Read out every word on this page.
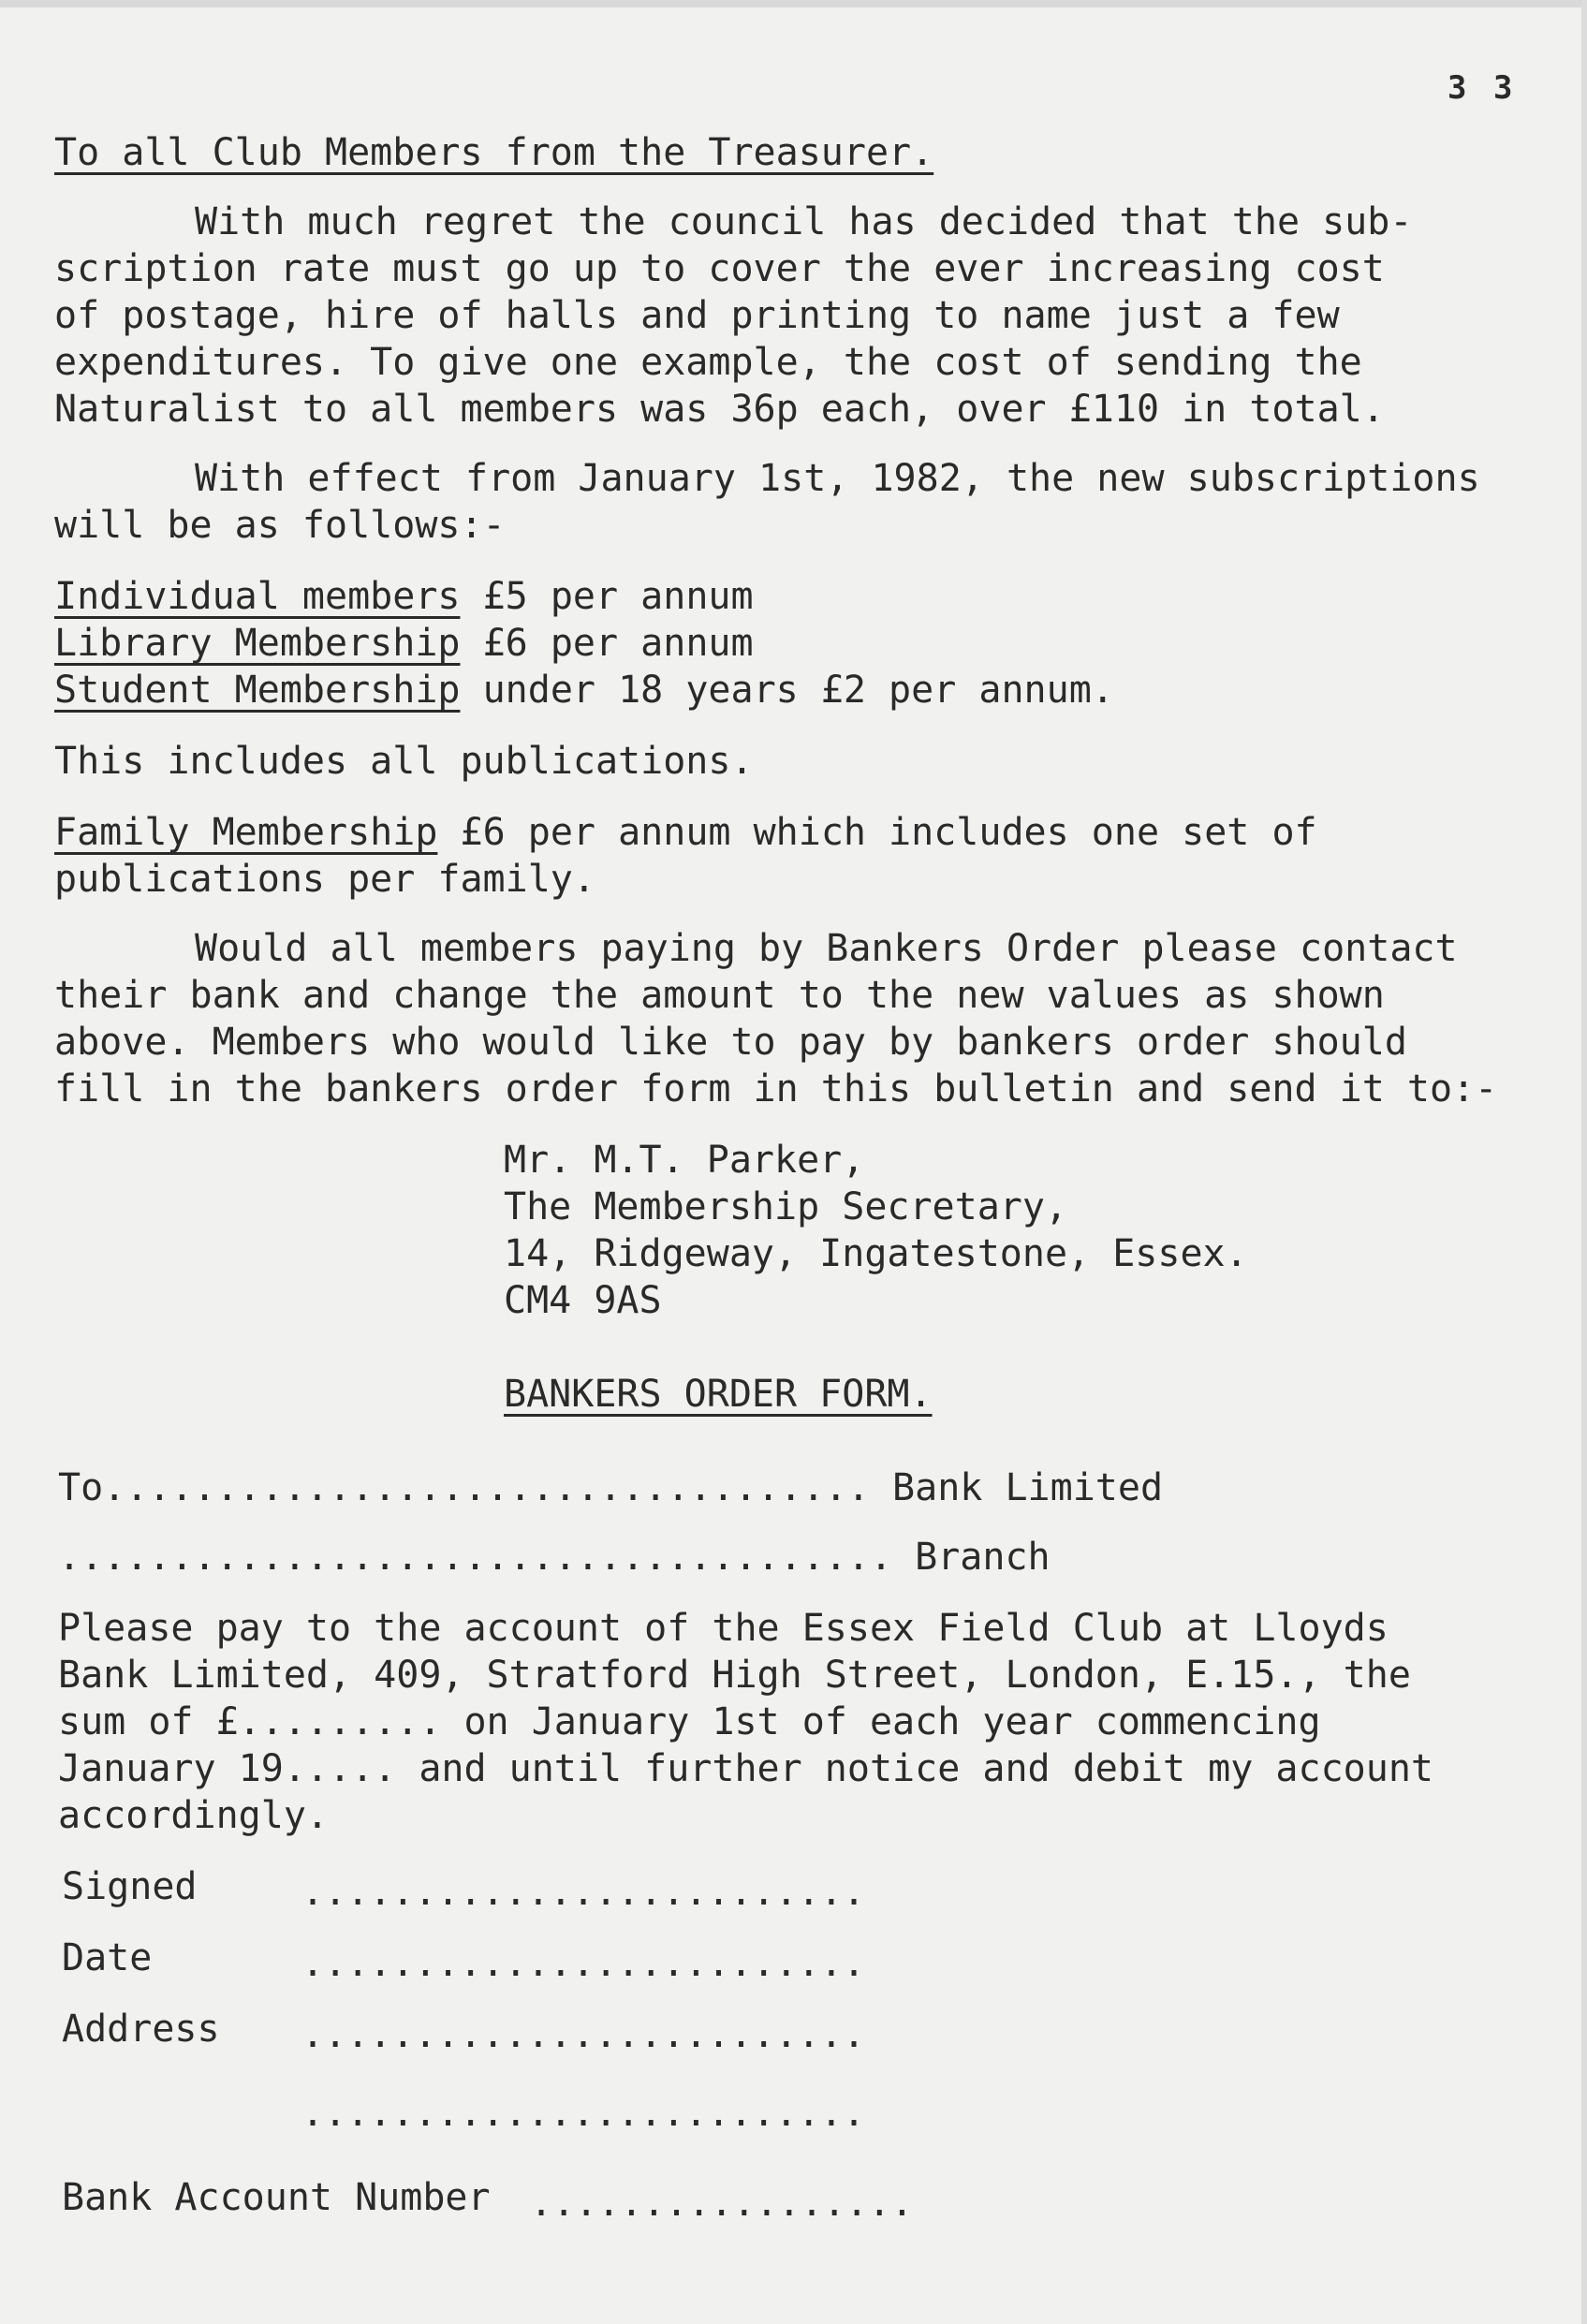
3 3
To all Club Members from the Treasurer.
With much regret the council has decided that the sub-
scription rate must go up to cover the ever increasing cost
of postage, hire of halls and printing to name just a few
expenditures. To give one example, the cost of sending the
Naturalist to all members was 36p each, over £110 in total.
With effect from January 1st, 1982, the new subscriptions
will be as follows:-
Individual members £5 per annum
Library Membership £6 per annum
Student Membership under 18 years £2 per annum.
This includes all publications.
Family Membership £6 per annum which includes one set of
publications per family.
Would all members paying by Bankers Order please contact
their bank and change the amount to the new values as shown
above. Members who would like to pay by bankers order should
fill in the bankers order form in this bulletin and send it to:-
Mr. M.T. Parker,
The Membership Secretary,
14, Ridgeway, Ingatestone, Essex.
CM4 9AS
BANKERS ORDER FORM.
To.................................. Bank Limited
..................................... Branch
Please pay to the account of the Essex Field Club at Lloyds
Bank Limited, 409, Stratford High Street, London, E.15., the
sum of £......... on January 1st of each year commencing
January 19..... and until further notice and debit my account
accordingly.
Signed	.........................
Date	.........................
Address .........................
.........................
Bank Account Number .................
